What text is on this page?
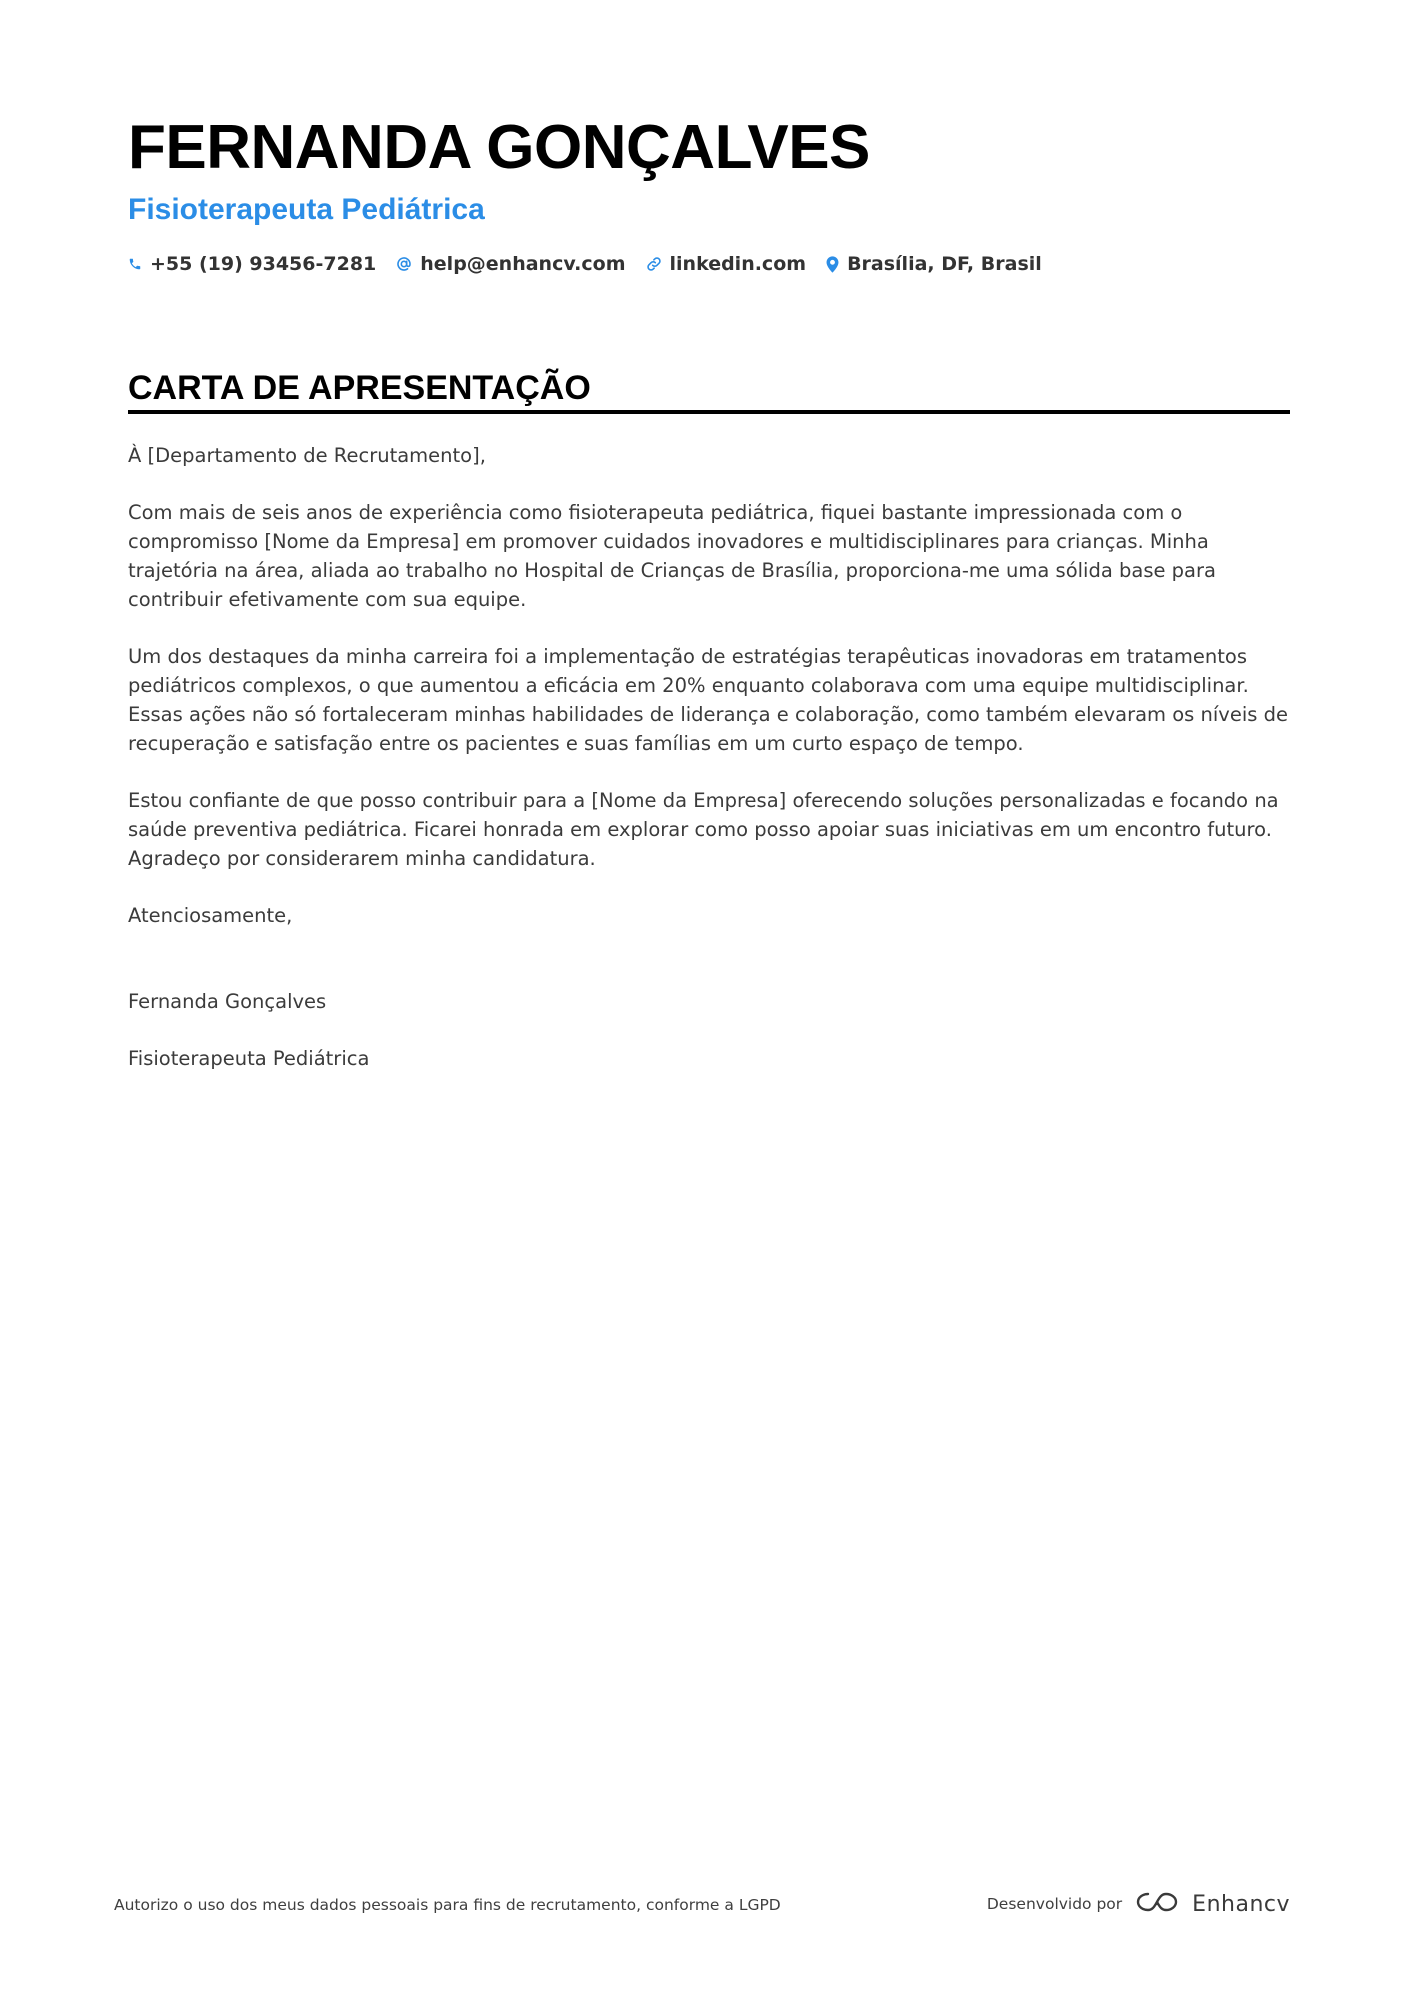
FERNANDA GONÇALVES
Fisioterapeuta Pediátrica
+55 (19) 93456-7281 help@enhancv.com linkedin.com Brasília, DF, Brasil
CARTA DE APRESENTAÇÃO

À [Departamento de Recrutamento],

Com mais de seis anos de experiência como fisioterapeuta pediátrica, fiquei bastante impressionada com o compromisso [Nome da Empresa] em promover cuidados inovadores e multidisciplinares para crianças. Minha trajetória na área, aliada ao trabalho no Hospital de Crianças de Brasília, proporciona-me uma sólida base para contribuir efetivamente com sua equipe.

Um dos destaques da minha carreira foi a implementação de estratégias terapêuticas inovadoras em tratamentos pediátricos complexos, o que aumentou a eficácia em 20% enquanto colaborava com uma equipe multidisciplinar. Essas ações não só fortaleceram minhas habilidades de liderança e colaboração, como também elevaram os níveis de recuperação e satisfação entre os pacientes e suas famílias em um curto espaço de tempo.

Estou confiante de que posso contribuir para a [Nome da Empresa] oferecendo soluções personalizadas e focando na saúde preventiva pediátrica. Ficarei honrada em explorar como posso apoiar suas iniciativas em um encontro futuro. Agradeço por considerarem minha candidatura.

Atenciosamente,

Fernanda Gonçalves

Fisioterapeuta Pediátrica

Autorizo o uso dos meus dados pessoais para fins de recrutamento, conforme a LGPD	Desenvolvido por	Enhancv
